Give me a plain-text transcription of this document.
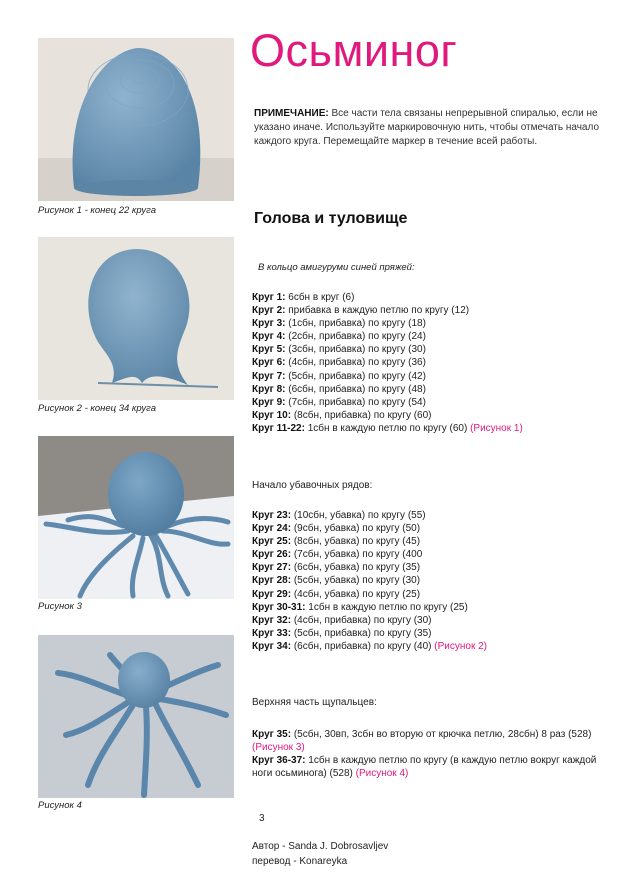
Рисунок 1 - конец 22 круга
Рисунок 2 - конец 34 круга
Рисунок 3
Рисунок 4
Осьминог
ПРИМЕЧАНИЕ: Все части тела связаны непрерывной спиралью, если не указано иначе. Используйте маркировочную нить, чтобы отмечать начало каждого круга. Перемещайте маркер в течение всей работы.
Голова и туловище
В кольцо амигуруми синей пряжей:
Круг 1: 6сбн в круг (6)
Круг 2: прибавка в каждую петлю по кругу (12)
Круг 3: (1сбн, прибавка) по кругу (18)
Круг 4: (2сбн, прибавка) по кругу (24)
Круг 5: (3сбн, прибавка) по кругу (30)
Круг 6: (4сбн, прибавка) по кругу (36)
Круг 7: (5сбн, прибавка) по кругу (42)
Круг 8: (6сбн, прибавка) по кругу (48)
Круг 9: (7сбн, прибавка) по кругу (54)
Круг 10: (8сбн, прибавка) по кругу (60)
Круг 11-22: 1сбн в каждую петлю по кругу (60) (Рисунок 1)
Начало убавочных рядов:
Круг 23: (10сбн, убавка) по кругу (55)
Круг 24: (9сбн, убавка) по кругу (50)
Круг 25: (8сбн, убавка) по кругу (45)
Круг 26: (7сбн, убавка) по кругу (400
Круг 27: (6сбн, убавка) по кругу (35)
Круг 28: (5сбн, убавка) по кругу (30)
Круг 29: (4сбн, убавка) по кругу (25)
Круг 30-31: 1сбн в каждую петлю по кругу (25)
Круг 32: (4сбн, прибавка) по кругу (30)
Круг 33: (5сбн, прибавка) по кругу (35)
Круг 34: (6сбн, прибавка) по кругу (40) (Рисунок 2)
Верхняя часть щупальцев:
Круг 35: (5сбн, 30вп, 3сбн во вторую от крючка петлю, 28сбн) 8 раз (528) (Рисунок 3)
Круг 36-37: 1сбн в каждую петлю по кругу (в каждую петлю вокруг каждой ноги осьминога) (528) (Рисунок 4)
3
Автор - Sanda J. Dobrosavljev
перевод - Konareyka
